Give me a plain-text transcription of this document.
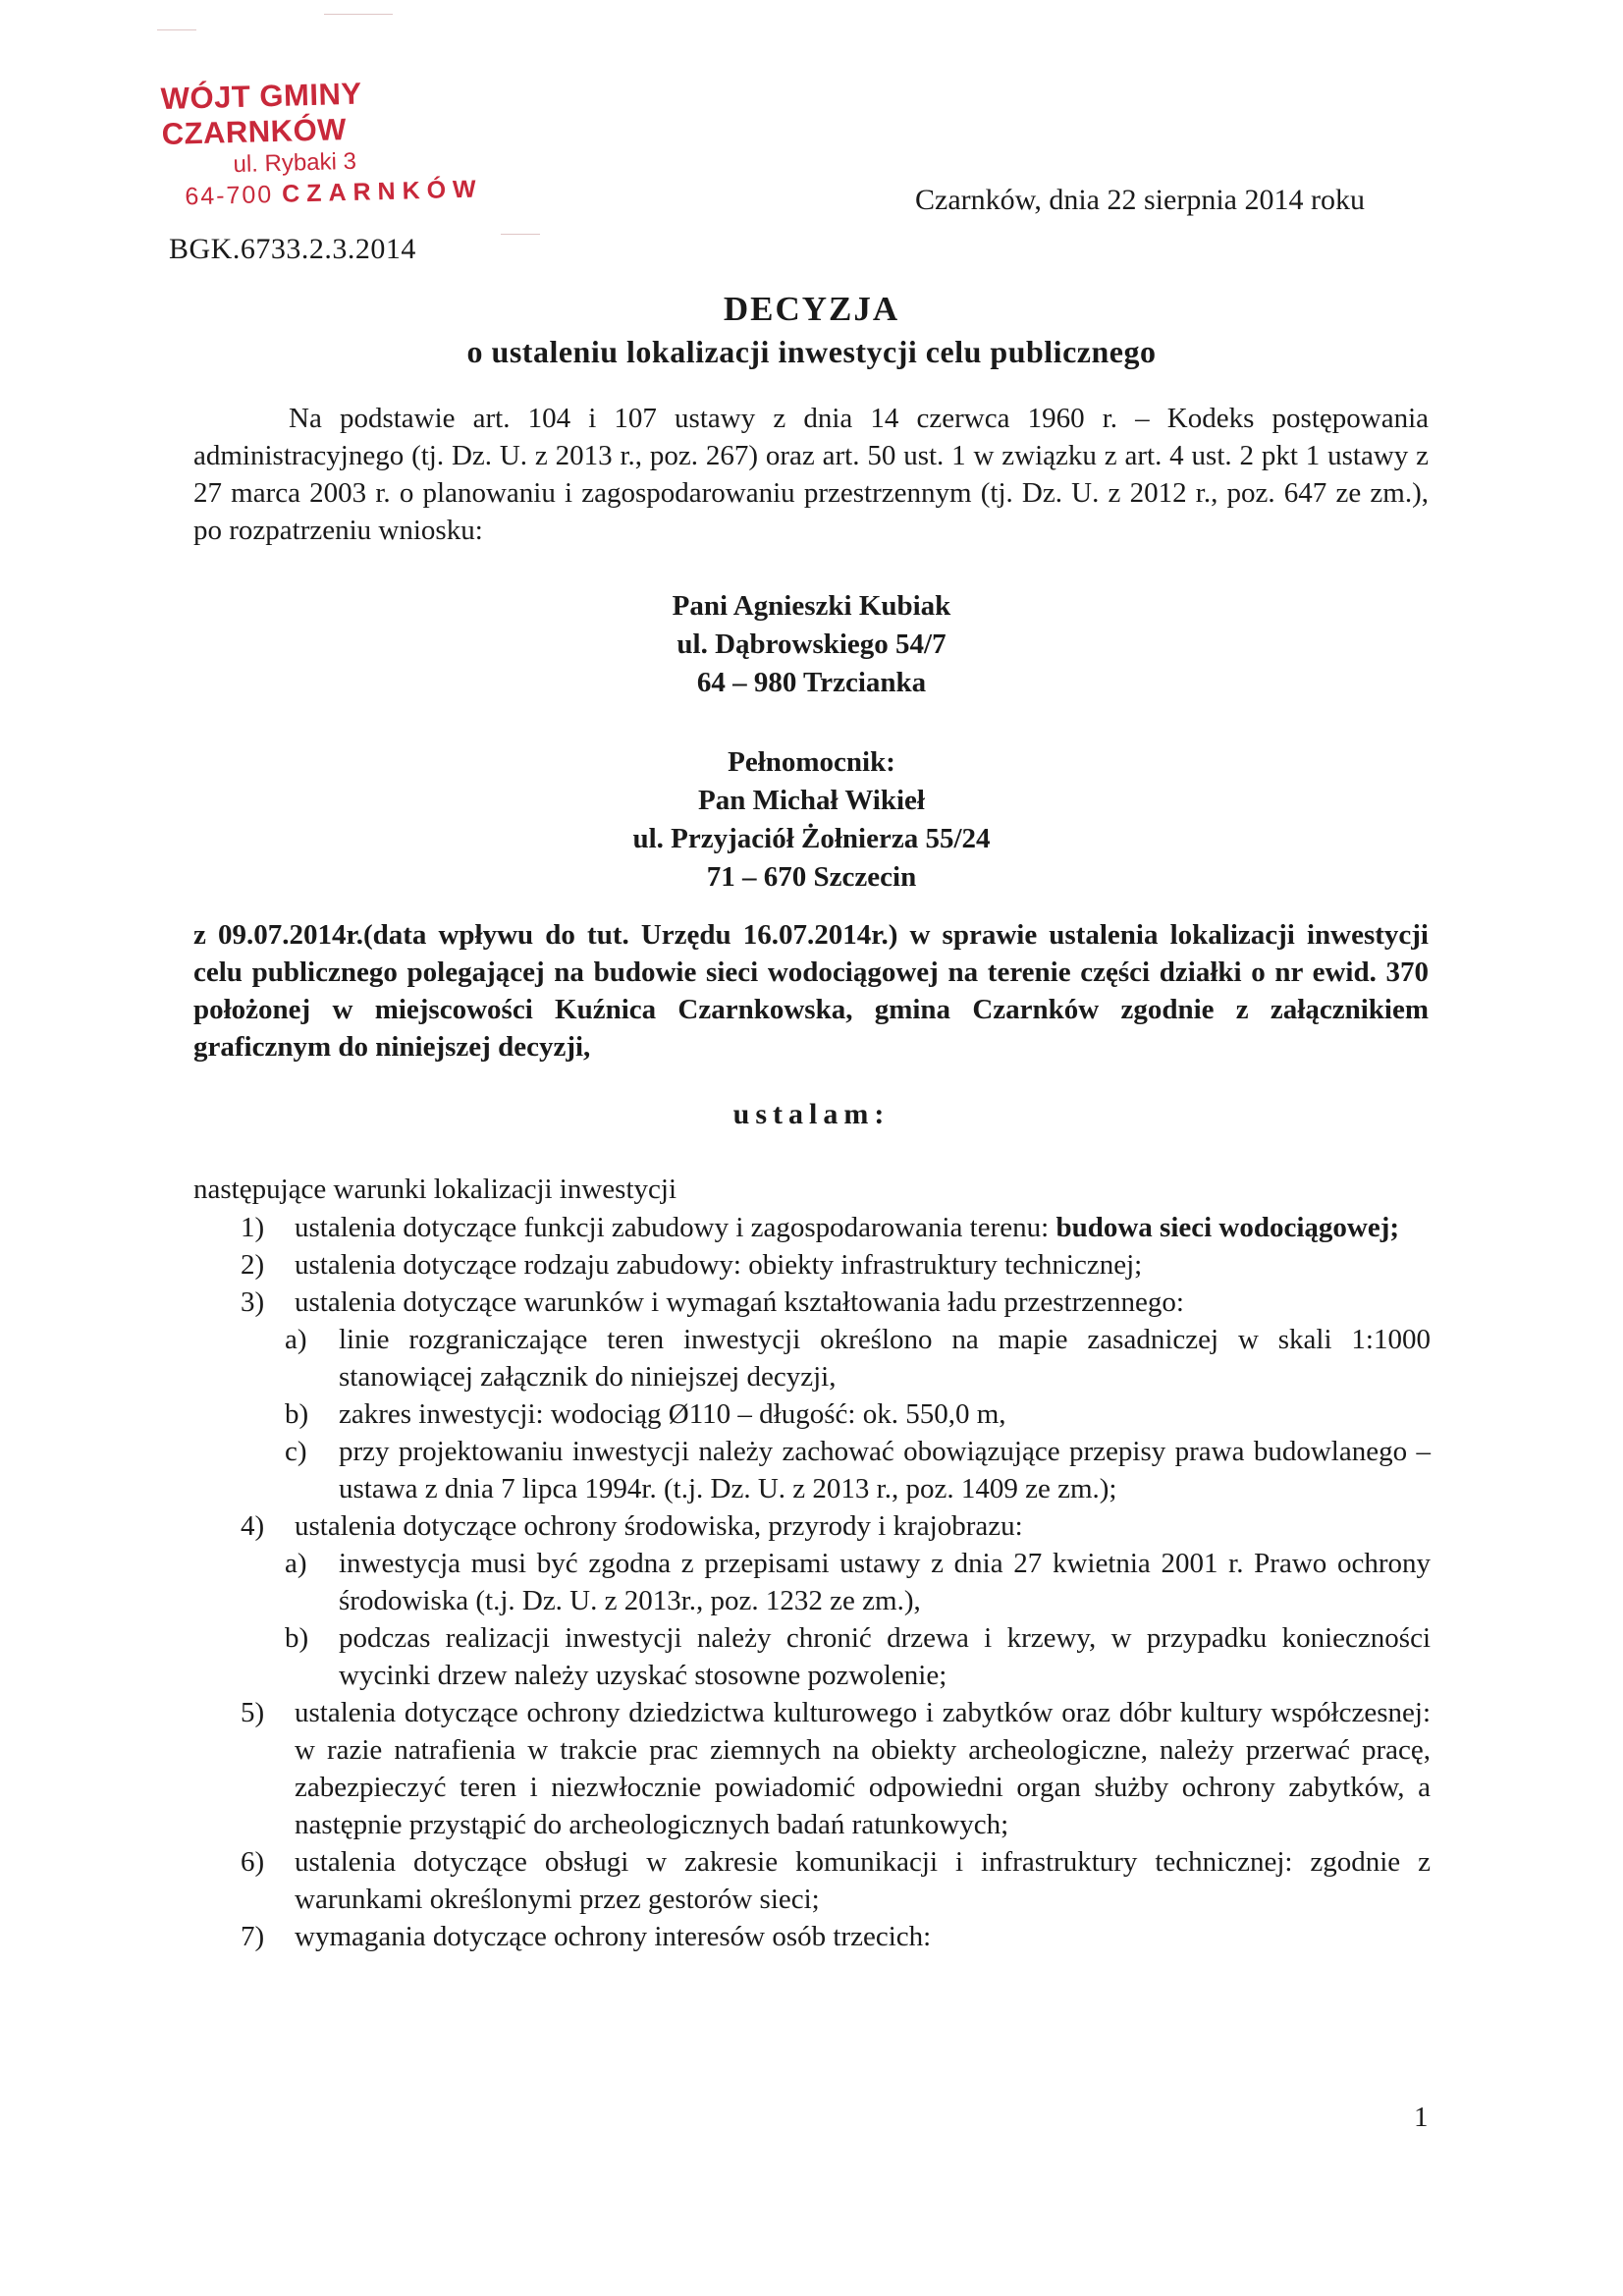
WÓJT GMINY CZARNKÓW
ul. Rybaki 3
64-700 CZARNKÓW	Czarnków, dnia 22 sierpnia 2014 roku
BGK.6733.2.3.2014
DECYZJA
o ustaleniu lokalizacji inwestycji celu publicznego
Na podstawie art. 104 i 107 ustawy z dnia 14 czerwca 1960 r. – Kodeks postępowania administracyjnego (tj. Dz. U. z 2013 r., poz. 267) oraz art. 50 ust. 1 w związku z art. 4 ust. 2 pkt 1 ustawy z 27 marca 2003 r. o planowaniu i zagospodarowaniu przestrzennym (tj. Dz. U. z 2012 r., poz. 647 ze zm.), po rozpatrzeniu wniosku:
Pani Agnieszki Kubiak
ul. Dąbrowskiego 54/7
64 – 980 Trzcianka
Pełnomocnik:
Pan Michał Wikieł
ul. Przyjaciół Żołnierza 55/24
71 – 670 Szczecin
z 09.07.2014r.(data wpływu do tut. Urzędu 16.07.2014r.) w sprawie ustalenia lokalizacji inwestycji celu publicznego polegającej na budowie sieci wodociągowej na terenie części działki o nr ewid. 370 położonej w miejscowości Kuźnica Czarnkowska, gmina Czarnków zgodnie z załącznikiem graficznym do niniejszej decyzji,
ustalam:
następujące warunki lokalizacji inwestycji
1) ustalenia dotyczące funkcji zabudowy i zagospodarowania terenu: budowa sieci wodociągowej;
2) ustalenia dotyczące rodzaju zabudowy: obiekty infrastruktury technicznej;
3) ustalenia dotyczące warunków i wymagań kształtowania ładu przestrzennego:
a) linie rozgraniczające teren inwestycji określono na mapie zasadniczej w skali 1:1000 stanowiącej załącznik do niniejszej decyzji,
b) zakres inwestycji: wodociąg Ø110 – długość: ok. 550,0 m,
c) przy projektowaniu inwestycji należy zachować obowiązujące przepisy prawa budowlanego – ustawa z dnia 7 lipca 1994r. (t.j. Dz. U. z 2013 r., poz. 1409 ze zm.);
4) ustalenia dotyczące ochrony środowiska, przyrody i krajobrazu:
a) inwestycja musi być zgodna z przepisami ustawy z dnia 27 kwietnia 2001 r. Prawo ochrony środowiska (t.j. Dz. U. z 2013r., poz. 1232 ze zm.),
b) podczas realizacji inwestycji należy chronić drzewa i krzewy, w przypadku konieczności wycinki drzew należy uzyskać stosowne pozwolenie;
5) ustalenia dotyczące ochrony dziedzictwa kulturowego i zabytków oraz dóbr kultury współczesnej: w razie natrafienia w trakcie prac ziemnych na obiekty archeologiczne, należy przerwać pracę, zabezpieczyć teren i niezwłocznie powiadomić odpowiedni organ służby ochrony zabytków, a następnie przystąpić do archeologicznych badań ratunkowych;
6) ustalenia dotyczące obsługi w zakresie komunikacji i infrastruktury technicznej: zgodnie z warunkami określonymi przez gestorów sieci;
7) wymagania dotyczące ochrony interesów osób trzecich:
1
